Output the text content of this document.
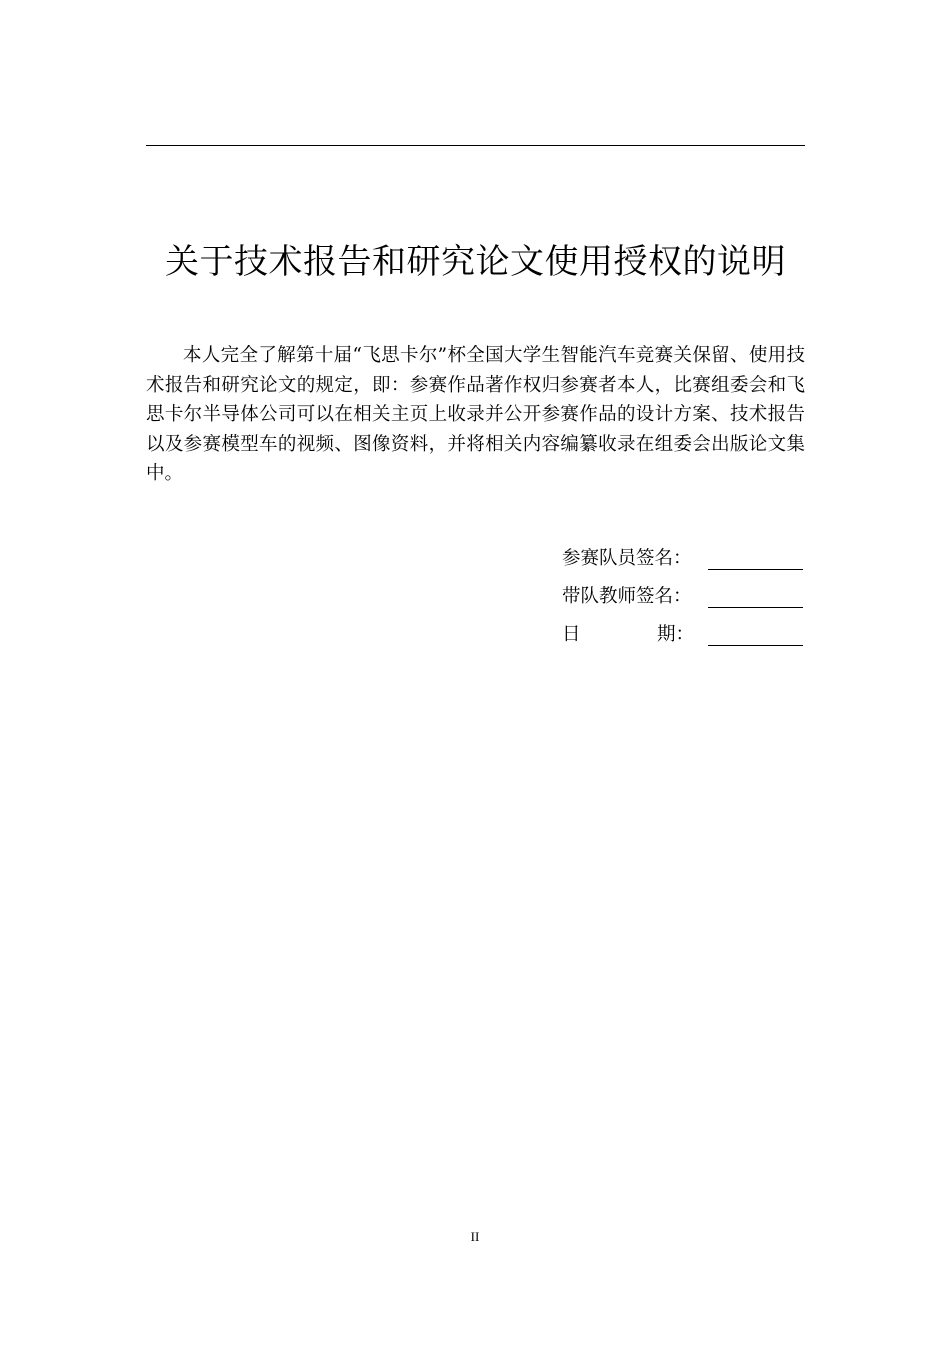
关于技术报告和研究论文使用授权的说明

本人完全了解第十届“飞思卡尔”杯全国大学生智能汽车竞赛关保留、使用技术报告和研究论文的规定，即：参赛作品著作权归参赛者本人，比赛组委会和飞思卡尔半导体公司可以在相关主页上收录并公开参赛作品的设计方案、技术报告以及参赛模型车的视频、图像资料，并将相关内容编纂收录在组委会出版论文集中。

参赛队员签名：
带队教师签名：
日	期：
II
